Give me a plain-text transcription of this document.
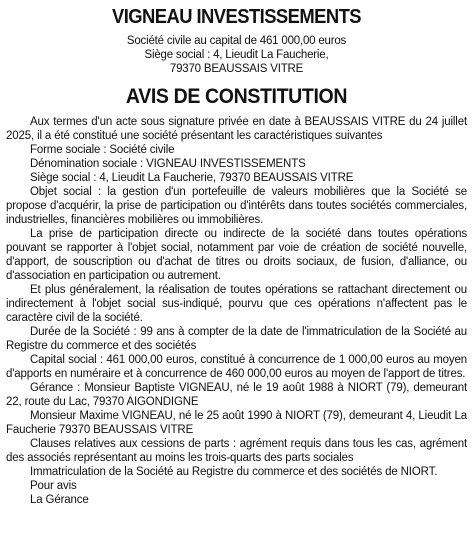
VIGNEAU INVESTISSEMENTS
Société civile au capital de 461 000,00 euros
Siège social : 4, Lieudit La Faucherie,
79370 BEAUSSAIS VITRE
AVIS DE CONSTITUTION

Aux termes d'un acte sous signature privée en date à BEAUSSAIS VITRE du 24 juillet 2025, il a été constitué une société présentant les caractéristiques suivantes

Forme sociale : Société civile

Dénomination sociale : VIGNEAU INVESTISSEMENTS

Siège social : 4, Lieudit La Faucherie, 79370 BEAUSSAIS VITRE

Objet social : la gestion d'un portefeuille de valeurs mobilières que la Société se propose d'acquérir, la prise de participation ou d'intérêts dans toutes sociétés commerciales, industrielles, financières mobilières ou immobilières.

La prise de participation directe ou indirecte de la société dans toutes opérations pouvant se rapporter à l'objet social, notamment par voie de création de société nouvelle, d'apport, de souscription ou d'achat de titres ou droits sociaux, de fusion, d'alliance, ou d'association en participation ou autrement.

Et plus généralement, la réalisation de toutes opérations se rattachant directement ou indirectement à l'objet social sus-indiqué, pourvu que ces opérations n'affectent pas le caractère civil de la société.

Durée de la Société : 99 ans à compter de la date de l'immatriculation de la Société au Registre du commerce et des sociétés

Capital social : 461 000,00 euros, constitué à concurrence de 1 000,00 euros au moyen d'apports en numéraire et à concurrence de 460 000,00 euros au moyen de l'apport de titres.

Gérance : Monsieur Baptiste VIGNEAU, né le 19 août 1988 à NIORT (79), demeurant 22, route du Lac, 79370 AIGONDIGNE

Monsieur Maxime VIGNEAU, né le 25 août 1990 à NIORT (79), demeurant 4, Lieudit La Faucherie 79370 BEAUSSAIS VITRE

Clauses relatives aux cessions de parts : agrément requis dans tous les cas, agrément des associés représentant au moins les trois-quarts des parts sociales

Immatriculation de la Société au Registre du commerce et des sociétés de NIORT.

Pour avis

La Gérance
